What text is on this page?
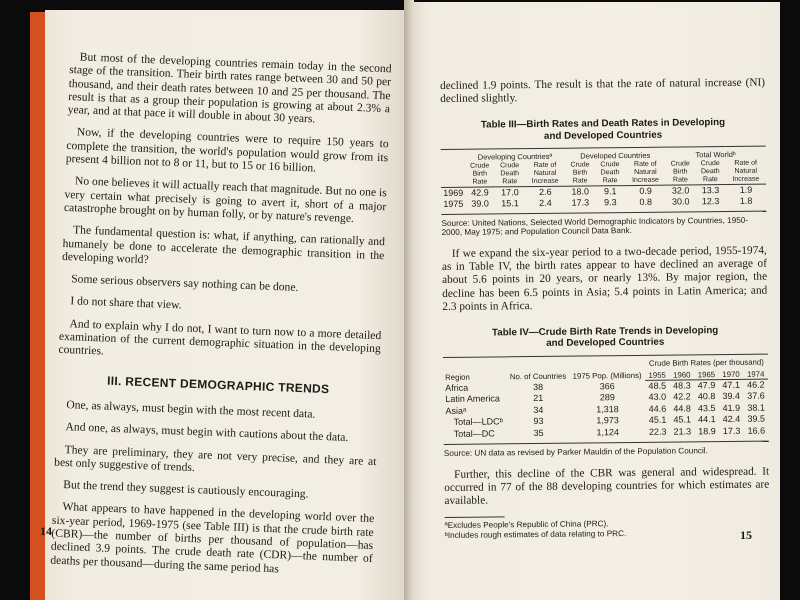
But most of the developing countries remain today in the second stage of the transition. Their birth rates range between 30 and 50 per thousand, and their death rates between 10 and 25 per thousand. The result is that as a group their population is growing at about 2.3% a year, and at that pace it will double in about 30 years.

Now, if the developing countries were to require 150 years to complete the transition, the world's population would grow from its present 4 billion not to 8 or 11, but to 15 or 16 billion.

No one believes it will actually reach that magnitude. But no one is very certain what precisely is going to avert it, short of a major catastrophe brought on by human folly, or by nature's revenge.

The fundamental question is: what, if anything, can rationally and humanely be done to accelerate the demographic transition in the developing world?

Some serious observers say nothing can be done.

I do not share that view.

And to explain why I do not, I want to turn now to a more detailed examination of the current demographic situation in the developing countries.

III. RECENT DEMOGRAPHIC TRENDS

One, as always, must begin with the most recent data.

And one, as always, must begin with cautions about the data.

They are preliminary, they are not very precise, and they are at best only suggestive of trends.

But the trend they suggest is cautiously encouraging.

What appears to have happened in the developing world over the six-year period, 1969-1975 (see Table III) is that the crude birth rate (CBR)—the number of births per thousand of population—has declined 3.9 points. The crude death rate (CDR)—the number of deaths per thousand—during the same period has

14

declined 1.9 points. The result is that the rate of natural increase (NI) declined slightly.

Table III—Birth Rates and Death Rates in Developing
and Developed Countries
	Developing Countriesª			Developed Countries			Total Worldᵇ		
	Crude Birth Rate	Crude Death Rate	Rate of Natural Increase	Crude Birth Rate	Crude Death Rate	Rate of Natural Increase	Crude Birth Rate	Crude Death Rate	Rate of Natural Increase
1969	42.9	17.0	2.6	18.0	9.1	0.9	32.0	13.3	1.9
1975	39.0	15.1	2.4	17.3	9.3	0.8	30.0	12.3	1.8
Source: United Nations, Selected World Demographic Indicators by Countries, 1950-2000, May 1975; and Population Council Data Bank.

If we expand the six-year period to a two-decade period, 1955-1974, as in Table IV, the birth rates appear to have declined an average of about 5.6 points in 20 years, or nearly 13%. By major region, the decline has been 6.5 points in Asia; 5.4 points in Latin America; and 2.3 points in Africa.

Table IV—Crude Birth Rate Trends in Developing
and Developed Countries
Region	No. of Countries	1975 Pop. (Millions)	Crude Birth Rates (per thousand)				
			1955	1960	1965	1970	1974
Africa	38	366	48.5	48.3	47.9	47.1	46.2
Latin America	21	289	43.0	42.2	40.8	39.4	37.6
Asiaᵃ	34	1,318	44.6	44.8	43.5	41.9	38.1
Total—LDCᵇ	93	1,973	45.1	45.1	44.1	42.4	39.5
Total—DC	35	1,124	22.3	21.3	18.9	17.3	16.6
Source: UN data as revised by Parker Mauldin of the Population Council.

Further, this decline of the CBR was general and widespread. It occurred in 77 of the 88 developing countries for which estimates are available.

ªExcludes People's Republic of China (PRC).
ᵇIncludes rough estimates of data relating to PRC.	15
